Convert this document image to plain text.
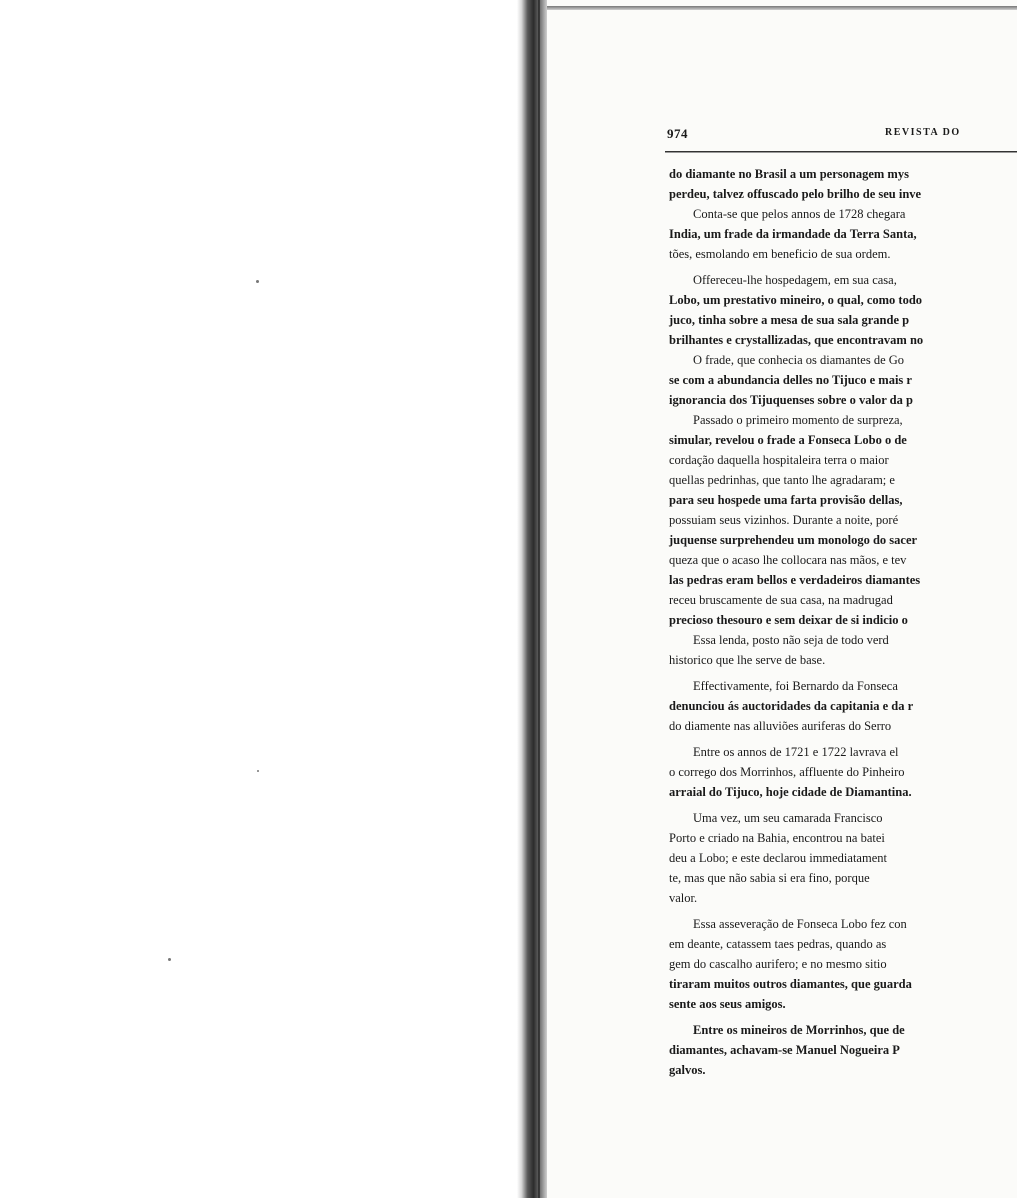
974	REVISTA DO
do diamante no Brasil a um personagem mys
perdeu, talvez offuscado pelo brilho de seu inve
Conta-se que pelos annos de 1728 chegara
India, um frade da irmandade da Terra Santa,
tões, esmolando em beneficio de sua ordem.
Offereceu-lhe hospedagem, em sua casa,
Lobo, um prestativo mineiro, o qual, como todo
juco, tinha sobre a mesa de sua sala grande p
brilhantes e crystallizadas, que encontravam no
O frade, que conhecia os diamantes de Go
se com a abundancia delles no Tijuco e mais r
ignorancia dos Tijuquenses sobre o valor da p
Passado o primeiro momento de surpreza,
simular, revelou o frade a Fonseca Lobo o de
cordação daquella hospitaleira terra o maior
quellas pedrinhas, que tanto lhe agradaram; e
para seu hospede uma farta provisão dellas,
possuiam seus vizinhos. Durante a noite, poré
juquense surprehendeu um monologo do sacer
queza que o acaso lhe collocara nas mãos, e tev
las pedras eram bellos e verdadeiros diamantes
receu bruscamente de sua casa, na madrugad
precioso thesouro e sem deixar de si indicio o
Essa lenda, posto não seja de todo verd
historico que lhe serve de base.
Effectivamente, foi Bernardo da Fonseca
denunciou ás auctoridades da capitania e da r
do diamente nas alluviões auriferas do Serro
Entre os annos de 1721 e 1722 lavrava el
o corrego dos Morrinhos, affluente do Pinheiro
arraial do Tijuco, hoje cidade de Diamantina.
Uma vez, um seu camarada Francisco
Porto e criado na Bahia, encontrou na batei
deu a Lobo; e este declarou immediatament
te, mas que não sabia si era fino, porque
valor.
Essa asseveração de Fonseca Lobo fez con
em deante, catassem taes pedras, quando as
gem do cascalho aurifero; e no mesmo sitio
tiraram muitos outros diamantes, que guarda
sente aos seus amigos.
Entre os mineiros de Morrinhos, que de
diamantes, achavam-se Manuel Nogueira P
galvos.
